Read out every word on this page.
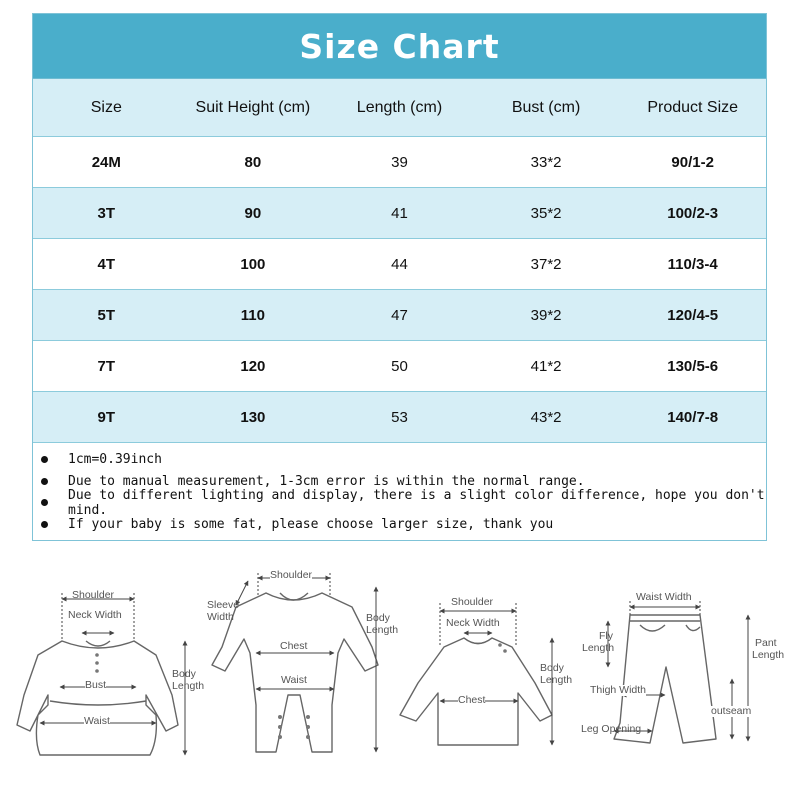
Size Chart
Size	Suit Height (cm)	Length (cm)	Bust (cm)	Product Size
24M	80	39	33*2	90/1-2
3T	90	41	35*2	100/2-3
4T	100	44	37*2	110/3-4
5T	110	47	39*2	120/4-5
7T	120	50	41*2	130/5-6
9T	130	53	43*2	140/7-8
1cm=0.39inch
Due to manual measurement, 1-3cm error is within the normal range.
Due to different lighting and display, there is a slight color difference, hope you don't mind.
If your baby is some fat, please choose larger size, thank you
Shoulder
Neck Width
Bust
Waist
Body
Length
Shoulder
Sleeve
Width
Chest
Waist
Body
Length
Shoulder
Neck Width
Chest
Body
Length
Waist Width
Fly
Length
Thigh Width
Leg Opening
outseam
Pant
Length
